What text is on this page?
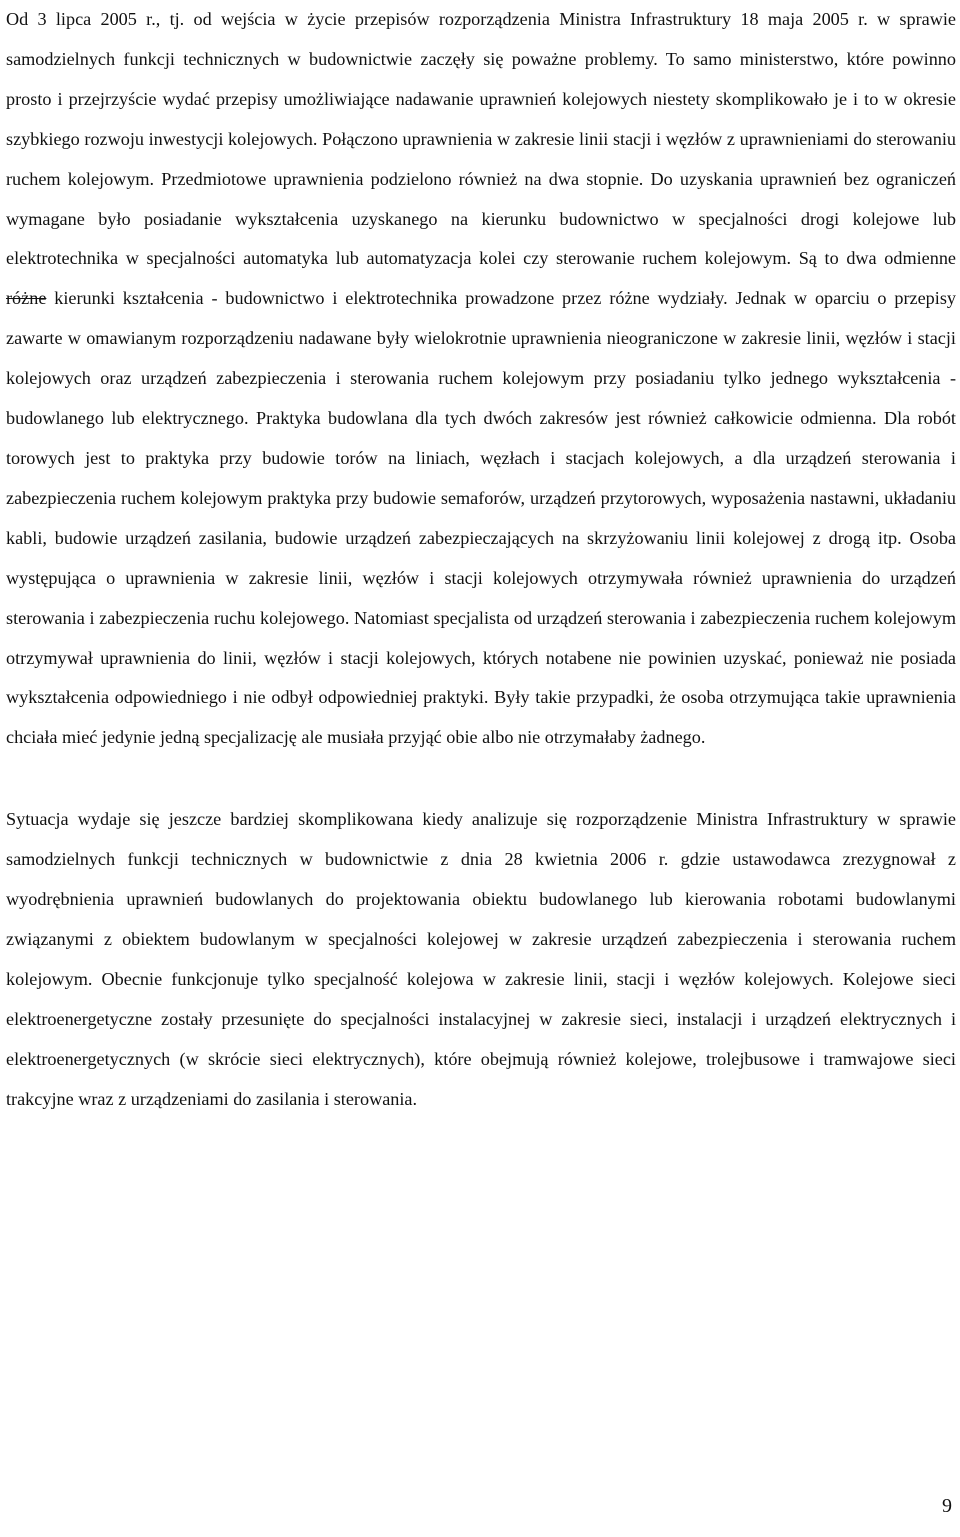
Od 3 lipca 2005 r., tj. od wejścia w życie przepisów rozporządzenia Ministra Infrastruktury 18 maja 2005 r. w sprawie samodzielnych funkcji technicznych w budownictwie zaczęły się poważne problemy. To samo ministerstwo, które powinno prosto i przejrzyście wydać przepisy umożliwiające nadawanie uprawnień kolejowych niestety skomplikowało je i to w okresie szybkiego rozwoju inwestycji kolejowych. Połączono uprawnienia w zakresie linii stacji i węzłów z uprawnieniami do sterowaniu ruchem kolejowym. Przedmiotowe uprawnienia podzielono również na dwa stopnie. Do uzyskania uprawnień bez ograniczeń wymagane było posiadanie wykształcenia uzyskanego na kierunku budownictwo w specjalności drogi kolejowe lub elektrotechnika w specjalności automatyka lub automatyzacja kolei czy sterowanie ruchem kolejowym. Są to dwa odmienne różne kierunki kształcenia - budownictwo i elektrotechnika prowadzone przez różne wydziały. Jednak w oparciu o przepisy zawarte w omawianym rozporządzeniu nadawane były wielokrotnie uprawnienia nieograniczone w zakresie linii, węzłów i stacji kolejowych oraz urządzeń zabezpieczenia i sterowania ruchem kolejowym przy posiadaniu tylko jednego wykształcenia - budowlanego lub elektrycznego. Praktyka budowlana dla tych dwóch zakresów jest również całkowicie odmienna. Dla robót torowych jest to praktyka przy budowie torów na liniach, węzłach i stacjach kolejowych, a dla urządzeń sterowania i zabezpieczenia ruchem kolejowym praktyka przy budowie semaforów, urządzeń przytorowych, wyposażenia nastawni, układaniu kabli, budowie urządzeń zasilania, budowie urządzeń zabezpieczających na skrzyżowaniu linii kolejowej z drogą itp. Osoba występująca o uprawnienia w zakresie linii, węzłów i stacji kolejowych otrzymywała również uprawnienia do urządzeń sterowania i zabezpieczenia ruchu kolejowego. Natomiast specjalista od urządzeń sterowania i zabezpieczenia ruchem kolejowym otrzymywał uprawnienia do linii, węzłów i stacji kolejowych, których notabene nie powinien uzyskać, ponieważ nie posiada wykształcenia odpowiedniego i nie odbył odpowiedniej praktyki. Były takie przypadki, że osoba otrzymująca takie uprawnienia chciała mieć jedynie jedną specjalizację ale musiała przyjąć obie albo nie otrzymałaby żadnego.

Sytuacja wydaje się jeszcze bardziej skomplikowana kiedy analizuje się rozporządzenie Ministra Infrastruktury w sprawie samodzielnych funkcji technicznych w budownictwie z dnia 28 kwietnia 2006 r. gdzie ustawodawca zrezygnował z wyodrębnienia uprawnień budowlanych do projektowania obiektu budowlanego lub kierowania robotami budowlanymi związanymi z obiektem budowlanym w specjalności kolejowej w zakresie urządzeń zabezpieczenia i sterowania ruchem kolejowym. Obecnie funkcjonuje tylko specjalność kolejowa w zakresie linii, stacji i węzłów kolejowych. Kolejowe sieci elektroenergetyczne zostały przesunięte do specjalności instalacyjnej w zakresie sieci, instalacji i urządzeń elektrycznych i elektroenergetycznych (w skrócie sieci elektrycznych), które obejmują również kolejowe, trolejbusowe i tramwajowe sieci trakcyjne wraz z urządzeniami do zasilania i sterowania.

9
